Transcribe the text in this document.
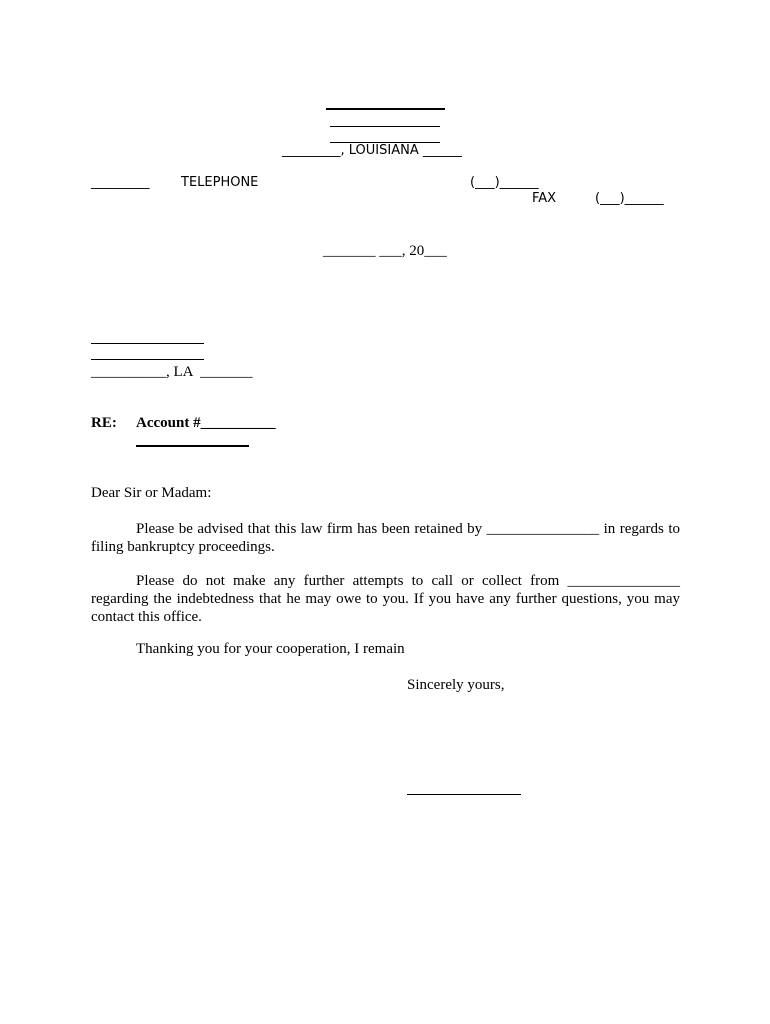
_________, LOUISIANA ______
_________ TELEPHONE	(___)______
FAX	(___)______
_______ ___, 20___
__________, LA  _______
RE: Account #__________
Dear Sir or Madam:
Please be advised that this law firm has been retained by _______________ in regards to filing bankruptcy proceedings.
Please do not make any further attempts to call or collect from _______________ regarding the indebtedness that he may owe to you. If you have any further questions, you may contact this office.
Thanking you for your cooperation, I remain
Sincerely yours,
